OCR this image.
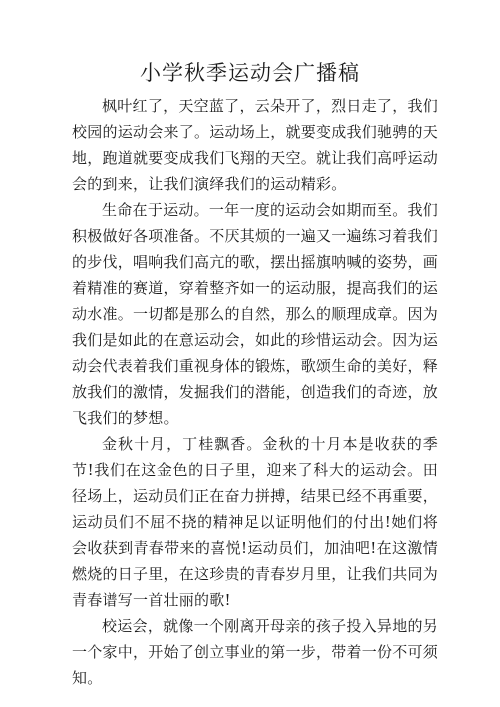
小学秋季运动会广播稿

枫叶红了，天空蓝了，云朵开了，烈日走了，我们校园的运动会来了。运动场上，就要变成我们驰骋的天地，跑道就要变成我们飞翔的天空。就让我们高呼运动会的到来，让我们演绎我们的运动精彩。

生命在于运动。一年一度的运动会如期而至。我们积极做好各项准备。不厌其烦的一遍又一遍练习着我们的步伐，唱响我们高亢的歌，摆出摇旗呐喊的姿势，画着精准的赛道，穿着整齐如一的运动服，提高我们的运动水准。一切都是那么的自然，那么的顺理成章。因为我们是如此的在意运动会，如此的珍惜运动会。因为运动会代表着我们重视身体的锻炼，歌颂生命的美好，释放我们的激情，发掘我们的潜能，创造我们的奇迹，放飞我们的梦想。

金秋十月，丁桂飘香。金秋的十月本是收获的季节!我们在这金色的日子里，迎来了科大的运动会。田径场上，运动员们正在奋力拼搏，结果已经不再重要，运动员们不屈不挠的精神足以证明他们的付出!她们将会收获到青春带来的喜悦!运动员们，加油吧!在这激情燃烧的日子里，在这珍贵的青春岁月里，让我们共同为青春谱写一首壮丽的歌!

校运会，就像一个刚离开母亲的孩子投入异地的另一个家中，开始了创立事业的第一步，带着一份不可须知。
